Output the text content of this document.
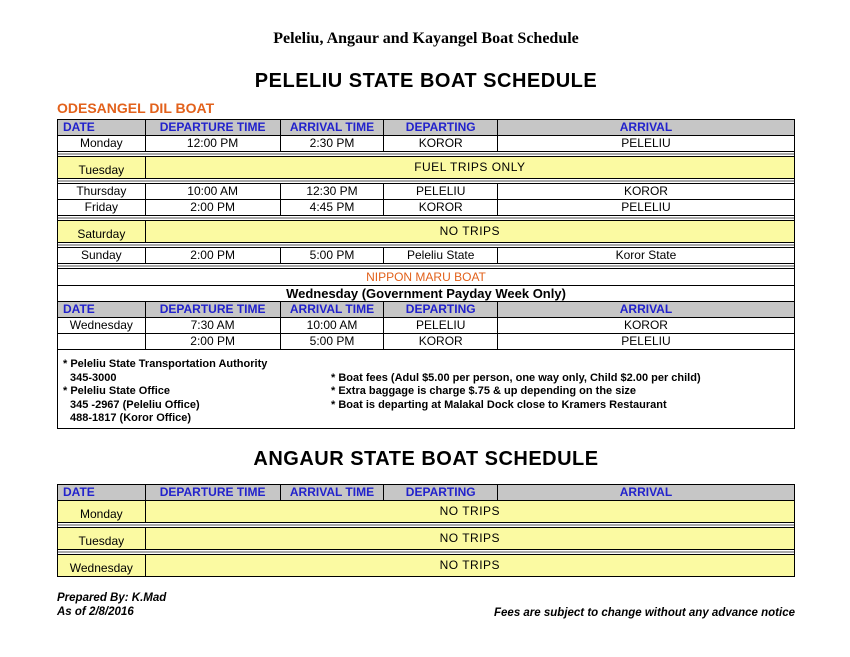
Peleliu, Angaur and Kayangel Boat Schedule
PELELIU STATE BOAT SCHEDULE
ODESANGEL DIL BOAT
DATE	DEPARTURE TIME	ARRIVAL TIME	DEPARTING	ARRIVAL
Monday	12:00 PM	2:30 PM	KOROR	PELELIU

Tuesday	FUEL TRIPS ONLY			

Thursday	10:00 AM	12:30 PM	PELELIU	KOROR
Friday	2:00 PM	4:45 PM	KOROR	PELELIU

Saturday	NO TRIPS			

Sunday	2:00 PM	5:00 PM	Peleliu State	Koror State

NIPPON MARU BOAT				
Wednesday (Government Payday Week Only)				
DATE	DEPARTURE TIME	ARRIVAL TIME	DEPARTING	ARRIVAL
Wednesday	7:30 AM	10:00 AM	PELELIU	KOROR
	2:00 PM	5:00 PM	KOROR	PELELIU

* Peleliu State Transportation Authority
345-3000
* Peleliu State Office
345 -2967 (Peleliu Office)
488-1817 (Koror Office)
* Boat fees (Adul $5.00 per person, one way only, Child $2.00 per child)
* Extra baggage is charge $.75 & up depending on the size
* Boat is departing at Malakal Dock close to Kramers Restaurant
ANGAUR STATE BOAT SCHEDULE
DATE	DEPARTURE TIME	ARRIVAL TIME	DEPARTING	ARRIVAL
Monday	NO TRIPS			

Tuesday	NO TRIPS			

Wednesday	NO TRIPS			
Prepared By: K.Mad
As of 2/8/2016	Fees are subject to change without any advance notice
